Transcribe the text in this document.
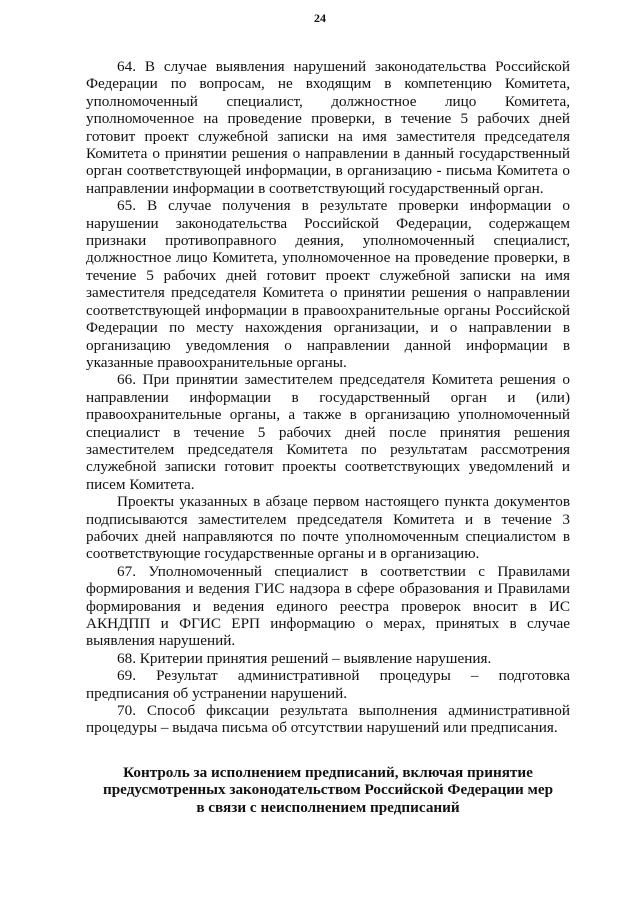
24

64. В случае выявления нарушений законодательства Российской Федерации по вопросам, не входящим в компетенцию Комитета, уполномоченный специалист, должностное лицо Комитета, уполномоченное на проведение проверки, в течение 5 рабочих дней готовит проект служебной записки на имя заместителя председателя Комитета о принятии решения о направлении в данный государственный орган соответствующей информации, в организацию - письма Комитета о направлении информации в соответствующий государственный орган.

65. В случае получения в результате проверки информации о нарушении законодательства Российской Федерации, содержащем признаки противоправного деяния, уполномоченный специалист, должностное лицо Комитета, уполномоченное на проведение проверки, в течение 5 рабочих дней готовит проект служебной записки на имя заместителя председателя Комитета о принятии решения о направлении соответствующей информации в правоохранительные органы Российской Федерации по месту нахождения организации, и о направлении в организацию уведомления о направлении данной информации в указанные правоохранительные органы.

66. При принятии заместителем председателя Комитета решения о направлении информации в государственный орган и (или) правоохранительные органы, а также в организацию уполномоченный специалист в течение 5 рабочих дней после принятия решения заместителем председателя Комитета по результатам рассмотрения служебной записки готовит проекты соответствующих уведомлений и писем Комитета.

Проекты указанных в абзаце первом настоящего пункта документов подписываются заместителем председателя Комитета и в течение 3 рабочих дней направляются по почте уполномоченным специалистом в соответствующие государственные органы и в организацию.

67. Уполномоченный специалист в соответствии с Правилами формирования и ведения ГИС надзора в сфере образования и Правилами формирования и ведения единого реестра проверок вносит в ИС АКНДПП и ФГИС ЕРП информацию о мерах, принятых в случае выявления нарушений.

68. Критерии принятия решений – выявление нарушения.

69. Результат административной процедуры – подготовка предписания об устранении нарушений.

70. Способ фиксации результата выполнения административной процедуры – выдача письма об отсутствии нарушений или предписания.

Контроль за исполнением предписаний, включая принятие
предусмотренных законодательством Российской Федерации мер
в связи с неисполнением предписаний
